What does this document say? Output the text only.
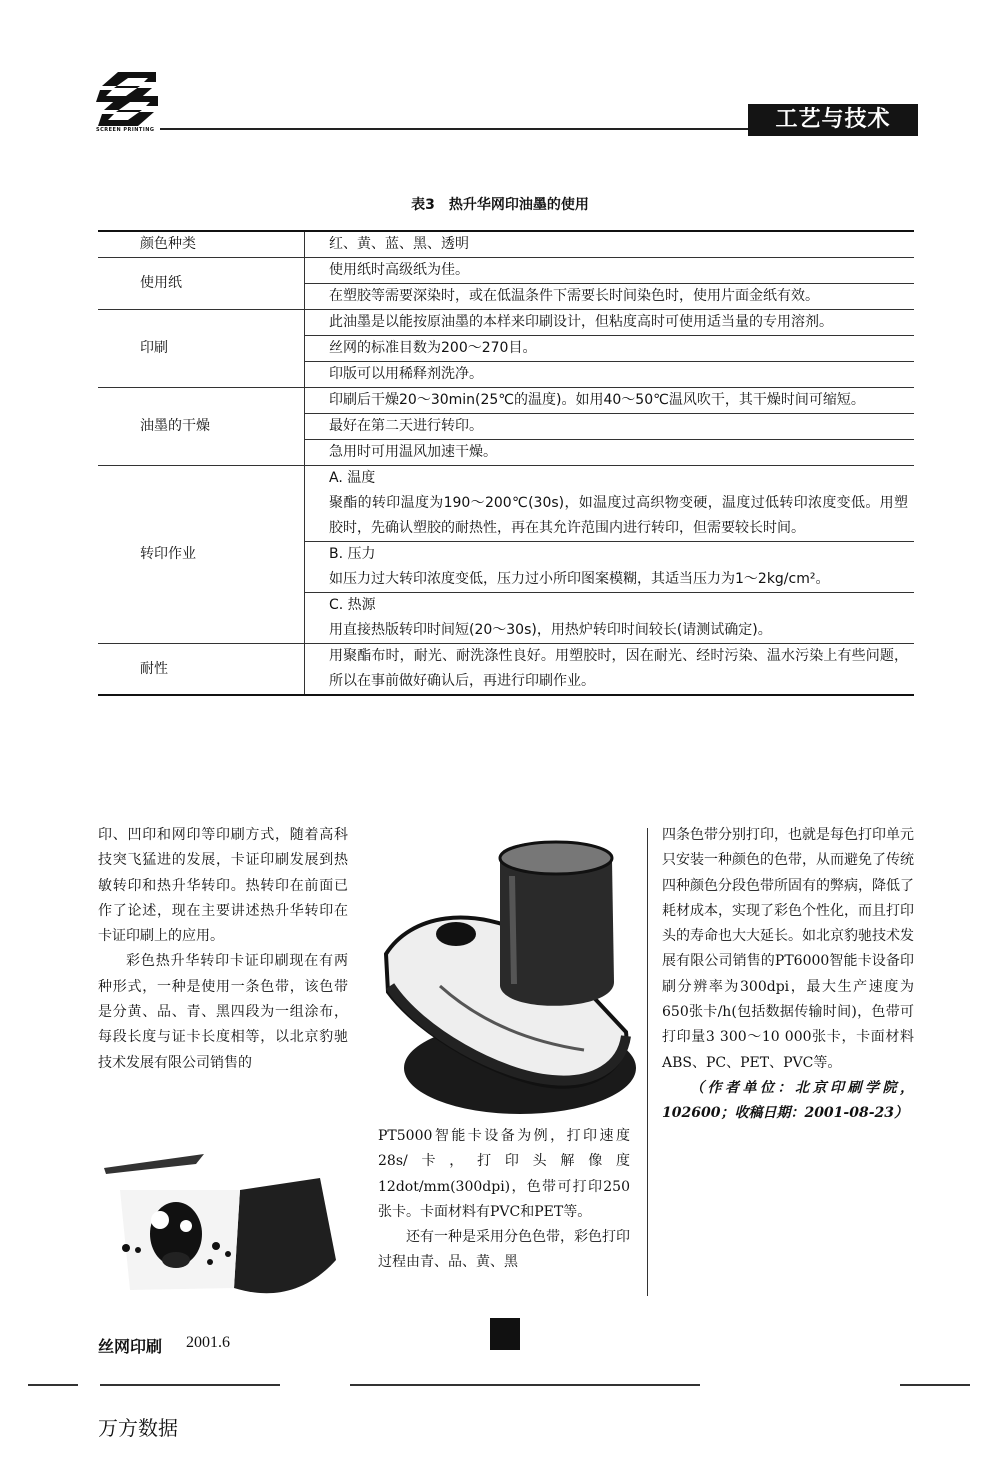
SCREEN PRINTING	工艺与技术
表3　热升华网印油墨的使用
颜色种类	红、黄、蓝、黑、透明
使用纸	使用纸时高级纸为佳。
	在塑胶等需要深染时，或在低温条件下需要长时间染色时，使用片面金纸有效。
印刷	此油墨是以能按原油墨的本样来印刷设计，但粘度高时可使用适当量的专用溶剂。
	丝网的标准目数为200～270目。
	印版可以用稀释剂洗净。
油墨的干燥	印刷后干燥20～30min(25℃的温度)。如用40～50℃温风吹干，其干燥时间可缩短。
	最好在第二天进行转印。
	急用时可用温风加速干燥。
转印作业	A. 温度
聚酯的转印温度为190～200℃(30s)，如温度过高织物变硬，温度过低转印浓度变低。用塑胶时，先确认塑胶的耐热性，再在其允许范围内进行转印，但需要较长时间。

	B. 压力
如压力过大转印浓度变低，压力过小所印图案模糊，其适当压力为1～2kg/cm²。

	C. 热源
用直接热版转印时间短(20～30s)，用热炉转印时间较长(请测试确定)。

耐性	用聚酯布时，耐光、耐洗涤性良好。用塑胶时，因在耐光、经时污染、温水污染上有些问题，所以在事前做好确认后，再进行印刷作业。

印、凹印和网印等印刷方式，随着高科技突飞猛进的发展，卡证印刷发展到热敏转印和热升华转印。热转印在前面已作了论述，现在主要讲述热升华转印在卡证印刷上的应用。

彩色热升华转印卡证印刷现在有两种形式，一种是使用一条色带，该色带是分黄、品、青、黑四段为一组涂布，每段长度与证卡长度相等，以北京豹驰技术发展有限公司销售的

PT5000智能卡设备为例，打印速度28s/卡，打印头解像度12dot/mm(300dpi)，色带可打印250张卡。卡面材料有PVC和PET等。

还有一种是采用分色色带，彩色打印过程由青、品、黄、黑

四条色带分别打印，也就是每色打印单元只安装一种颜色的色带，从而避免了传统四种颜色分段色带所固有的弊病，降低了耗材成本，实现了彩色个性化，而且打印头的寿命也大大延长。如北京豹驰技术发展有限公司销售的PT6000智能卡设备印刷分辨率为300dpi，最大生产速度为650张卡/h(包括数据传输时间)，色带可打印量3 300～10 000张卡，卡面材料ABS、PC、PET、PVC等。

（作者单位：北京印刷学院，102600；收稿日期：2001-08-23）

丝网印刷 2001.6
万方数据
